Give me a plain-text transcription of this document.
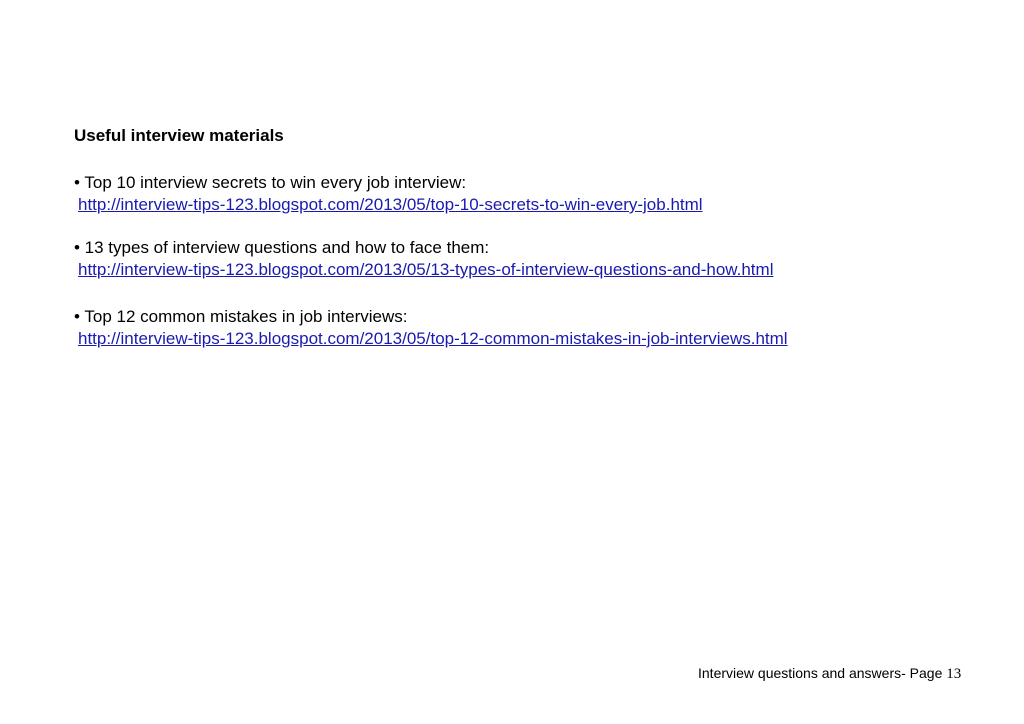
Useful interview materials
• Top 10 interview secrets to win every job interview:
http://interview-tips-123.blogspot.com/2013/05/top-10-secrets-to-win-every-job.html
• 13 types of interview questions and how to face them:
http://interview-tips-123.blogspot.com/2013/05/13-types-of-interview-questions-and-how.html
• Top 12 common mistakes in job interviews:
http://interview-tips-123.blogspot.com/2013/05/top-12-common-mistakes-in-job-interviews.html
Interview questions and answers- Page 13
